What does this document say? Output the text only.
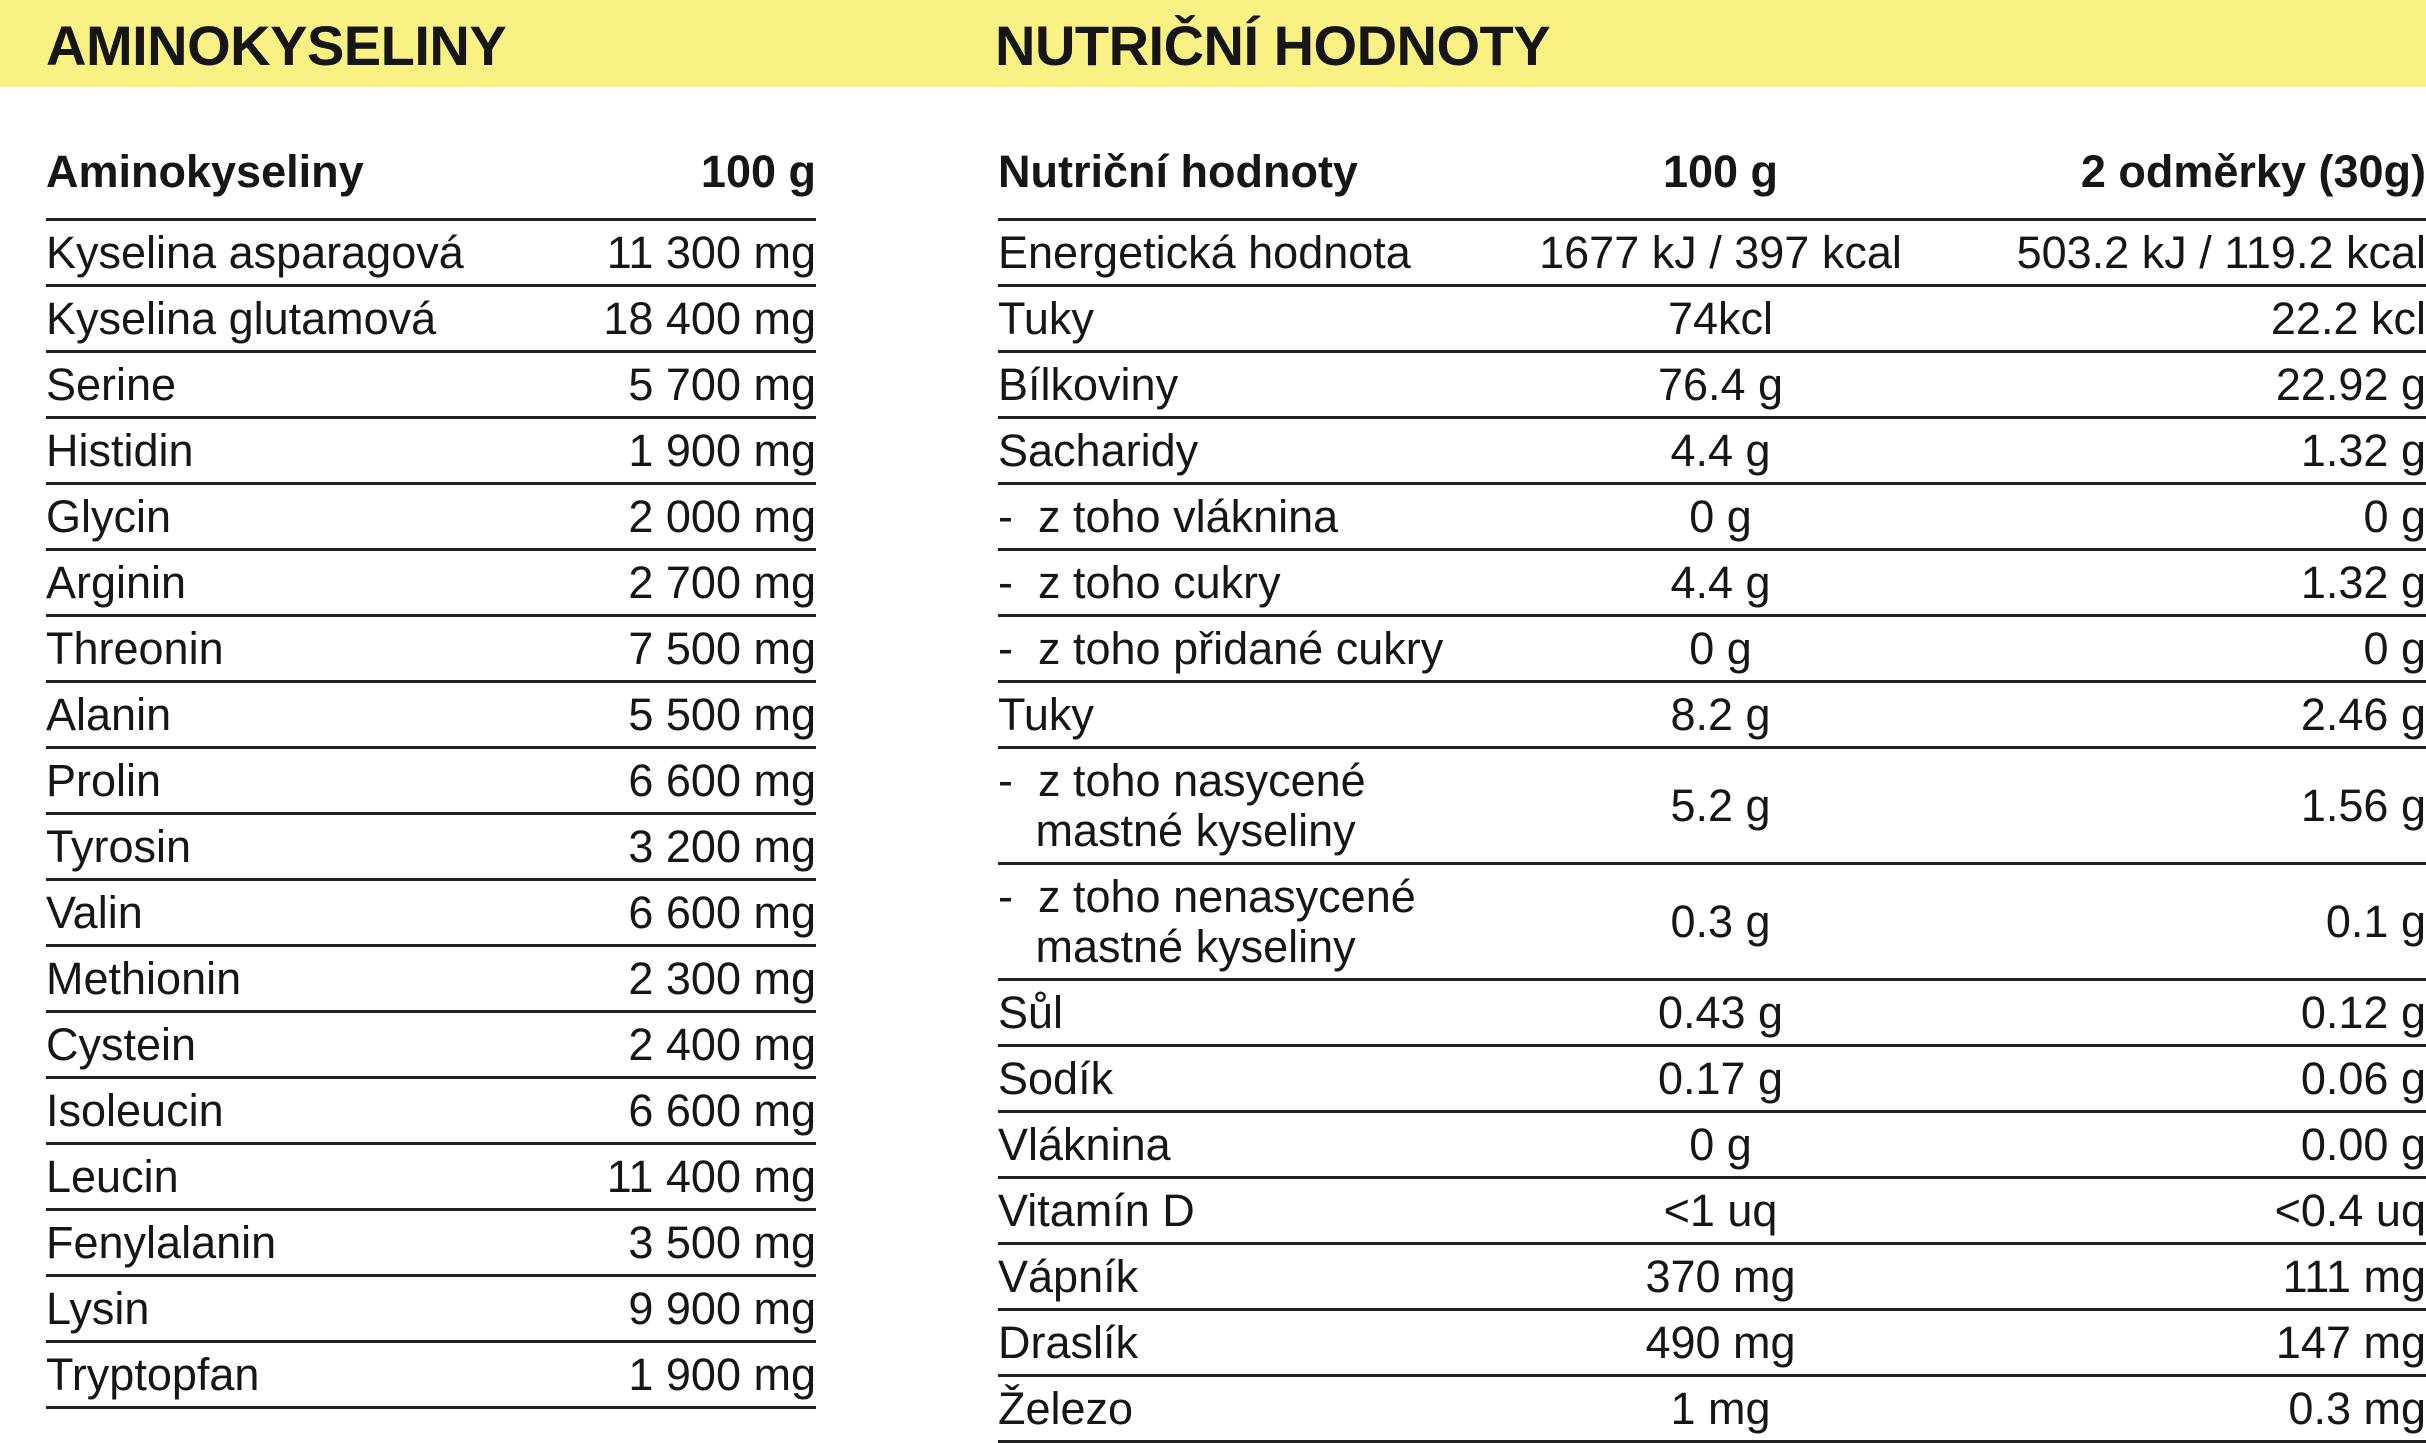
AMINOKYSELINY	NUTRIČNÍ HODNOTY
Aminokyseliny	100 g
Kyselina asparagová	11 300 mg
Kyselina glutamová	18 400 mg
Serine	5 700 mg
Histidin	1 900 mg
Glycin	2 000 mg
Arginin	2 700 mg
Threonin	7 500 mg
Alanin	5 500 mg
Prolin	6 600 mg
Tyrosin	3 200 mg
Valin	6 600 mg
Methionin	2 300 mg
Cystein	2 400 mg
Isoleucin	6 600 mg
Leucin	11 400 mg
Fenylalanin	3 500 mg
Lysin	9 900 mg
Tryptopfan	1 900 mg
Nutriční hodnoty	100 g	2 odměrky (30g)

Energetická hodnota	1677 kJ / 397 kcal	503.2 kJ / 119.2 kcal

Tuky	74kcl	22.2 kcl

Bílkoviny	76.4 g	22.92 g

Sacharidy	4.4 g	1.32 g

-  z toho vláknina	0 g	0 g

-  z toho cukry	4.4 g	1.32 g

-  z toho přidané cukry	0 g	0 g

Tuky	8.2 g	2.46 g

-  z toho nasycené
mastné kyseliny	5.2 g	1.56 g

-  z toho nenasycené
mastné kyseliny	0.3 g	0.1 g

Sůl	0.43 g	0.12 g

Sodík	0.17 g	0.06 g

Vláknina	0 g	0.00 g

Vitamín D	<1 uq	<0.4 uq

Vápník	370 mg	111 mg

Draslík	490 mg	147 mg

Železo	1 mg	0.3 mg
